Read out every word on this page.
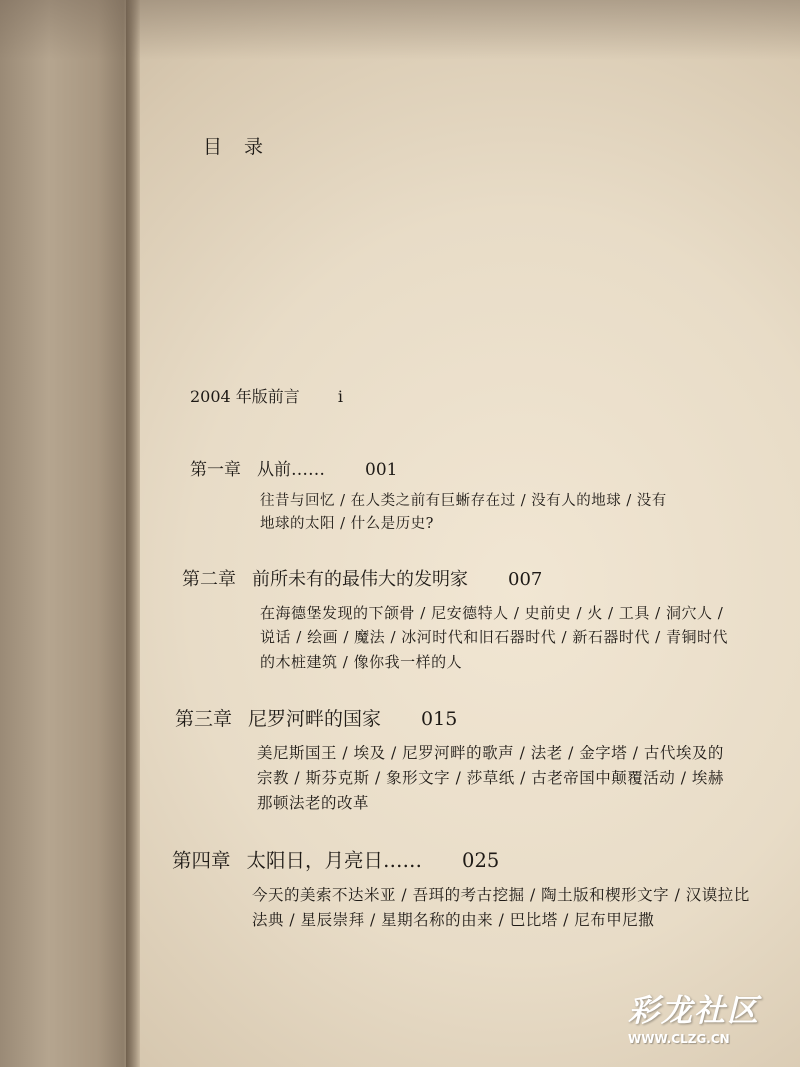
目 录
2004 年版前言 i
第一章 从前…… 001
往昔与回忆 / 在人类之前有巨蜥存在过 / 没有人的地球 / 没有地球的太阳 / 什么是历史?
第二章 前所未有的最伟大的发明家 007
在海德堡发现的下颌骨 / 尼安德特人 / 史前史 / 火 / 工具 / 洞穴人 / 说话 / 绘画 / 魔法 / 冰河时代和旧石器时代 / 新石器时代 / 青铜时代的木桩建筑 / 像你我一样的人
第三章 尼罗河畔的国家 015
美尼斯国王 / 埃及 / 尼罗河畔的歌声 / 法老 / 金字塔 / 古代埃及的宗教 / 斯芬克斯 / 象形文字 / 莎草纸 / 古老帝国中颠覆活动 / 埃赫那顿法老的改革
第四章 太阳日，月亮日…… 025
今天的美索不达米亚 / 吾珥的考古挖掘 / 陶土版和楔形文字 / 汉谟拉比法典 / 星辰崇拜 / 星期名称的由来 / 巴比塔 / 尼布甲尼撒
彩龙社区
WWW.CLZG.CN
